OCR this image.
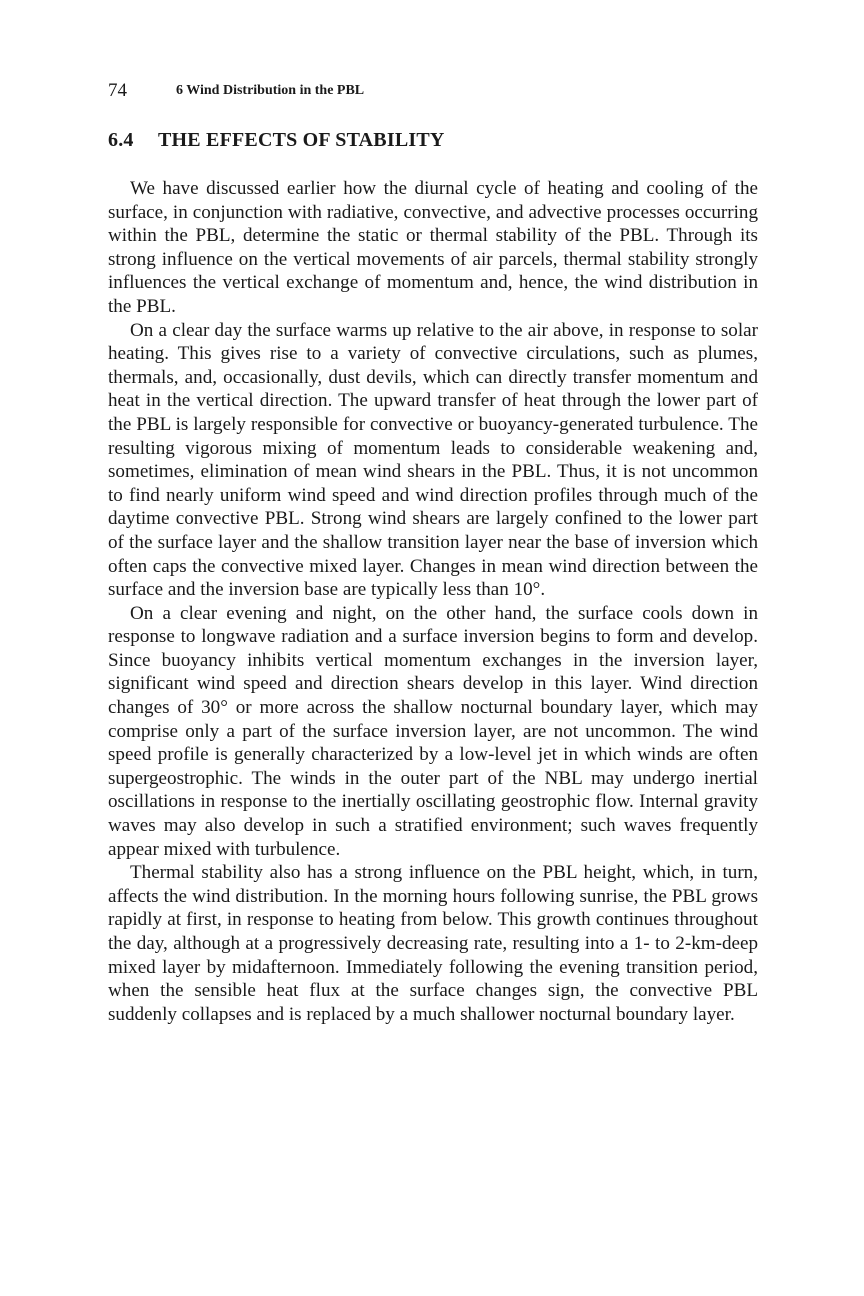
74	6 Wind Distribution in the PBL
6.4 THE EFFECTS OF STABILITY

We have discussed earlier how the diurnal cycle of heating and cooling of the surface, in conjunction with radiative, convective, and advective processes occurring within the PBL, determine the static or thermal stability of the PBL. Through its strong influence on the vertical movements of air parcels, thermal stability strongly influences the vertical exchange of momentum and, hence, the wind distribution in the PBL.

On a clear day the surface warms up relative to the air above, in response to solar heating. This gives rise to a variety of convective circulations, such as plumes, thermals, and, occasionally, dust devils, which can directly transfer momentum and heat in the vertical direction. The upward transfer of heat through the lower part of the PBL is largely responsible for convective or buoyancy-generated turbulence. The resulting vigorous mixing of momentum leads to considerable weakening and, sometimes, elimination of mean wind shears in the PBL. Thus, it is not uncommon to find nearly uniform wind speed and wind direction profiles through much of the daytime convective PBL. Strong wind shears are largely confined to the lower part of the surface layer and the shallow transition layer near the base of inversion which often caps the convective mixed layer. Changes in mean wind direction between the surface and the inversion base are typically less than 10°.

On a clear evening and night, on the other hand, the surface cools down in response to longwave radiation and a surface inversion begins to form and develop. Since buoyancy inhibits vertical momentum exchanges in the inversion layer, significant wind speed and direction shears develop in this layer. Wind direction changes of 30° or more across the shallow nocturnal boundary layer, which may comprise only a part of the surface inversion layer, are not uncommon. The wind speed profile is generally characterized by a low-level jet in which winds are often supergeostrophic. The winds in the outer part of the NBL may undergo inertial oscillations in response to the inertially oscillating geostrophic flow. Internal gravity waves may also develop in such a stratified environment; such waves frequently appear mixed with turbulence.

Thermal stability also has a strong influence on the PBL height, which, in turn, affects the wind distribution. In the morning hours following sunrise, the PBL grows rapidly at first, in response to heating from below. This growth continues throughout the day, although at a progressively decreasing rate, resulting into a 1- to 2-km-deep mixed layer by midafternoon. Immediately following the evening transition period, when the sensible heat flux at the surface changes sign, the convective PBL suddenly collapses and is replaced by a much shallower nocturnal boundary layer.
